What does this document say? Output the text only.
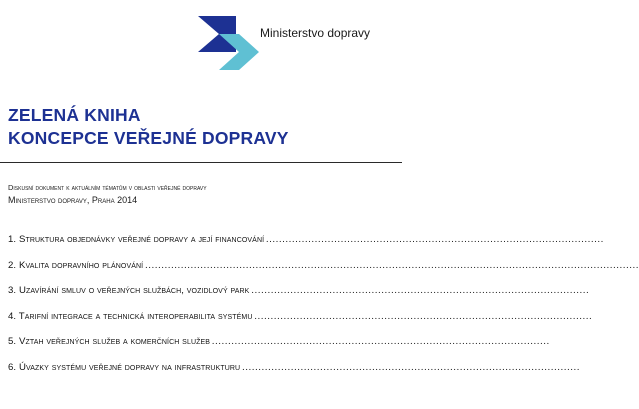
Ministerstvo dopravy
ZELENÁ KNIHA
KONCEPCE VEŘEJNÉ DOPRAVY
Diskusní dokument k aktuálním tématům v oblasti veřejné dopravy
Ministerstvo dopravy, Praha 2014
1. Struktura objednávky veřejné dopravy a její financování ........................................................................................................
2. Kvalita dopravního plánování ........................................................................................................................................................
3. Uzavírání smluv o veřejných službách, vozidlový park ........................................................................................................
4. Tarifní integrace a technická interoperabilita systému ........................................................................................................
5. Vztah veřejných služeb a komerčních služeb ........................................................................................................
6. Úvazky systému veřejné dopravy na infrastrukturu ........................................................................................................
